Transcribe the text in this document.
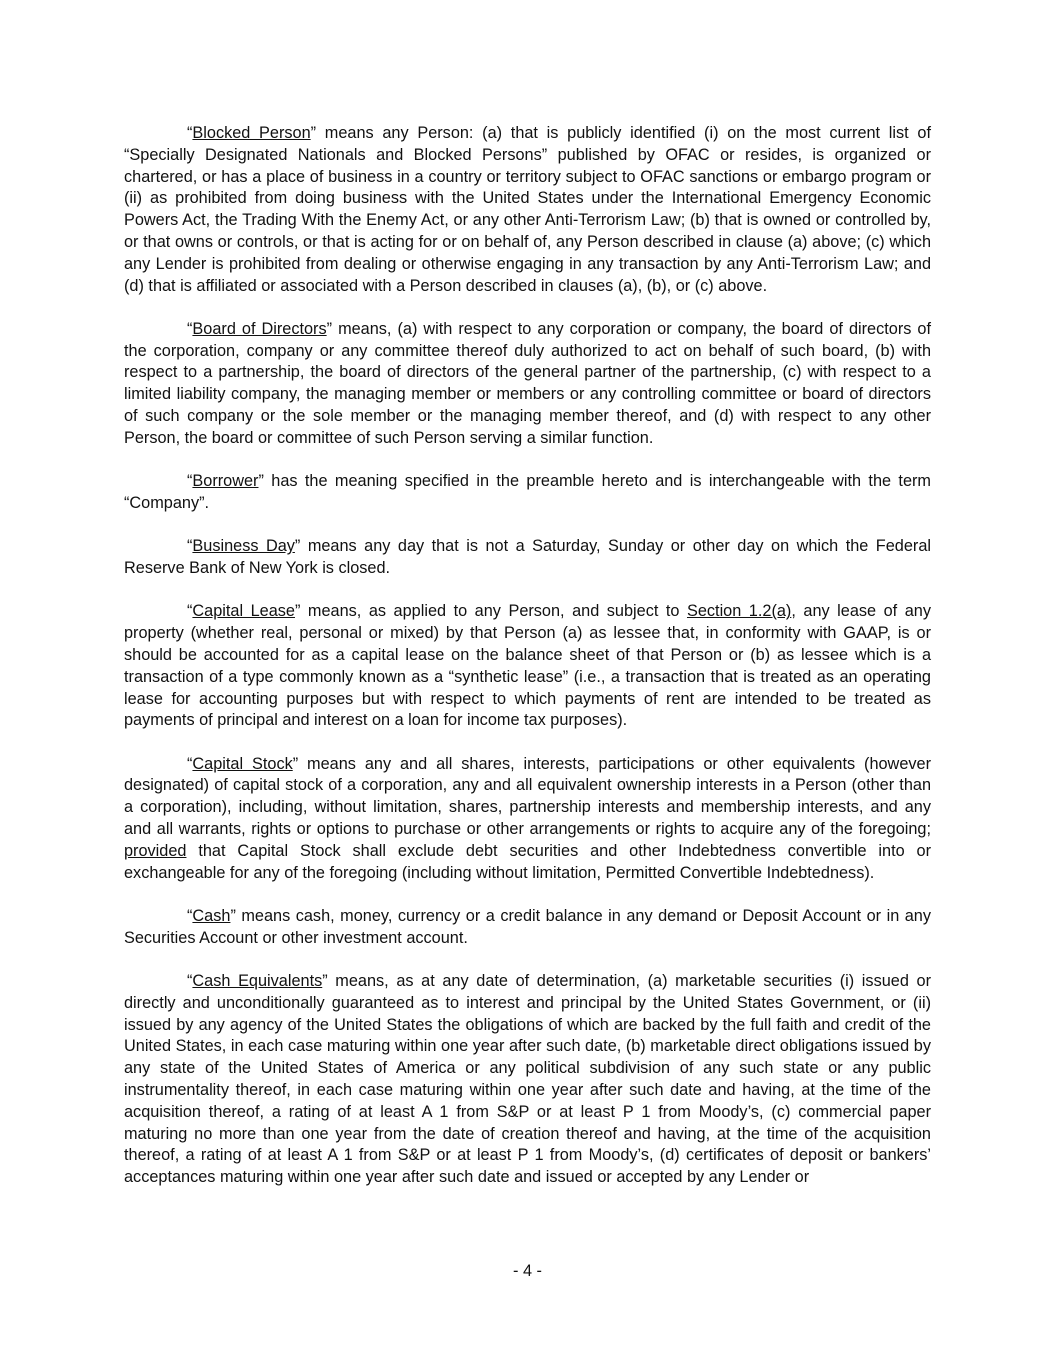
“Blocked Person” means any Person: (a) that is publicly identified (i) on the most current list of “Specially Designated Nationals and Blocked Persons” published by OFAC or resides, is organized or chartered, or has a place of business in a country or territory subject to OFAC sanctions or embargo program or (ii) as prohibited from doing business with the United States under the International Emergency Economic Powers Act, the Trading With the Enemy Act, or any other Anti-Terrorism Law; (b) that is owned or controlled by, or that owns or controls, or that is acting for or on behalf of, any Person described in clause (a) above; (c) which any Lender is prohibited from dealing or otherwise engaging in any transaction by any Anti-Terrorism Law; and (d) that is affiliated or associated with a Person described in clauses (a), (b), or (c) above.

“Board of Directors” means, (a) with respect to any corporation or company, the board of directors of the corporation, company or any committee thereof duly authorized to act on behalf of such board, (b) with respect to a partnership, the board of directors of the general partner of the partnership, (c) with respect to a limited liability company, the managing member or members or any controlling committee or board of directors of such company or the sole member or the managing member thereof, and (d) with respect to any other Person, the board or committee of such Person serving a similar function.

“Borrower” has the meaning specified in the preamble hereto and is interchangeable with the term “Company”.

“Business Day” means any day that is not a Saturday, Sunday or other day on which the Federal Reserve Bank of New York is closed.

“Capital Lease” means, as applied to any Person, and subject to Section 1.2(a), any lease of any property (whether real, personal or mixed) by that Person (a) as lessee that, in conformity with GAAP, is or should be accounted for as a capital lease on the balance sheet of that Person or (b) as lessee which is a transaction of a type commonly known as a “synthetic lease” (i.e., a transaction that is treated as an operating lease for accounting purposes but with respect to which payments of rent are intended to be treated as payments of principal and interest on a loan for income tax purposes).

“Capital Stock” means any and all shares, interests, participations or other equivalents (however designated) of capital stock of a corporation, any and all equivalent ownership interests in a Person (other than a corporation), including, without limitation, shares, partnership interests and membership interests, and any and all warrants, rights or options to purchase or other arrangements or rights to acquire any of the foregoing; provided that Capital Stock shall exclude debt securities and other Indebtedness convertible into or exchangeable for any of the foregoing (including without limitation, Permitted Convertible Indebtedness).

“Cash” means cash, money, currency or a credit balance in any demand or Deposit Account or in any Securities Account or other investment account.

“Cash Equivalents” means, as at any date of determination, (a) marketable securities (i) issued or directly and unconditionally guaranteed as to interest and principal by the United States Government, or (ii) issued by any agency of the United States the obligations of which are backed by the full faith and credit of the United States, in each case maturing within one year after such date, (b) marketable direct obligations issued by any state of the United States of America or any political subdivision of any such state or any public instrumentality thereof, in each case maturing within one year after such date and having, at the time of the acquisition thereof, a rating of at least A 1 from S&P or at least P 1 from Moody’s, (c) commercial paper maturing no more than one year from the date of creation thereof and having, at the time of the acquisition thereof, a rating of at least A 1 from S&P or at least P 1 from Moody’s, (d) certificates of deposit or bankers’ acceptances maturing within one year after such date and issued or accepted by any Lender or

- 4 -
